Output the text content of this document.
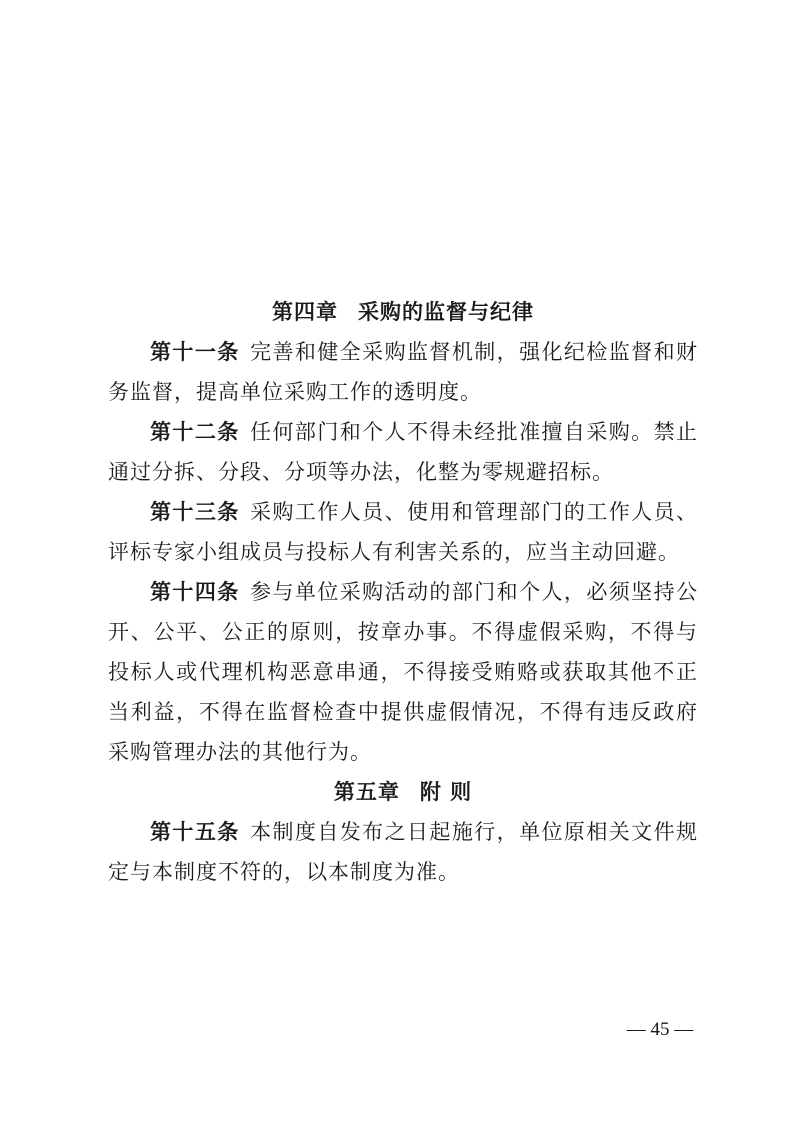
第四章 采购的监督与纪律

第十一条 完善和健全采购监督机制，强化纪检监督和财务监督，提高单位采购工作的透明度。

第十二条 任何部门和个人不得未经批准擅自采购。禁止通过分拆、分段、分项等办法，化整为零规避招标。

第十三条 采购工作人员、使用和管理部门的工作人员、评标专家小组成员与投标人有利害关系的，应当主动回避。

第十四条 参与单位采购活动的部门和个人，必须坚持公开、公平、公正的原则，按章办事。不得虚假采购，不得与投标人或代理机构恶意串通，不得接受贿赂或获取其他不正当利益，不得在监督检查中提供虚假情况，不得有违反政府采购管理办法的其他行为。

第五章 附 则

第十五条 本制度自发布之日起施行，单位原相关文件规定与本制度不符的，以本制度为准。

— 45 —
